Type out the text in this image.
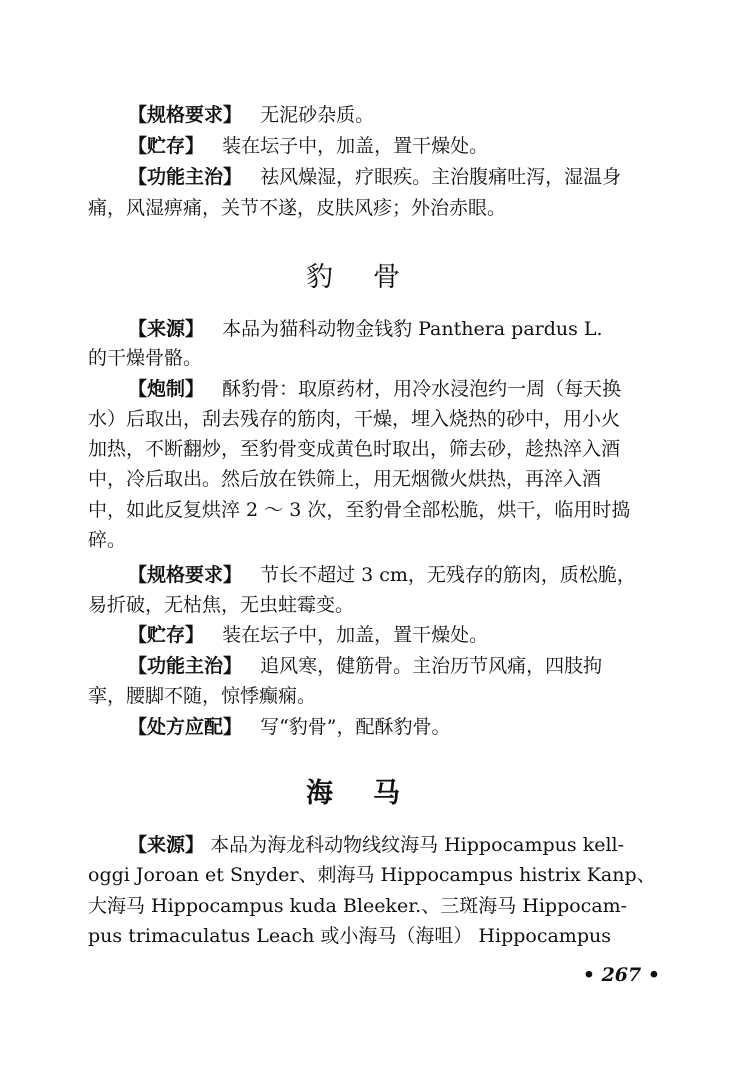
【规格要求】 无泥砂杂质。
【贮存】 装在坛子中，加盖，置干燥处。
【功能主治】 祛风燥湿，疗眼疾。主治腹痛吐泻，湿温身
痛，风湿痹痛，关节不遂，皮肤风疹；外治赤眼。
豹骨
【来源】 本品为猫科动物金钱豹 Panthera pardus L.
的干燥骨骼。
【炮制】 酥豹骨：取原药材，用冷水浸泡约一周（每天换
水）后取出，刮去残存的筋肉，干燥，埋入烧热的砂中，用小火
加热，不断翻炒，至豹骨变成黄色时取出，筛去砂，趁热淬入酒
中，冷后取出。然后放在铁筛上，用无烟微火烘热，再淬入酒
中，如此反复烘淬 2 ～ 3 次，至豹骨全部松脆，烘干，临用时捣
碎。
【规格要求】 节长不超过 3 cm，无残存的筋肉，质松脆，
易折破，无枯焦，无虫蛀霉变。
【贮存】 装在坛子中，加盖，置干燥处。
【功能主治】 追风寒，健筋骨。主治历节风痛，四肢拘
挛，腰脚不随，惊悸癫痫。
【处方应配】 写“豹骨”，配酥豹骨。
海马
【来源】 本品为海龙科动物线纹海马 Hippocampus kell-
oggi Joroan et Snyder、刺海马 Hippocampus histrix Kanp、
大海马 Hippocampus kuda Bleeker.、三斑海马 Hippocam-
pus trimaculatus Leach 或小海马（海咀） Hippocampus
• 267 •
